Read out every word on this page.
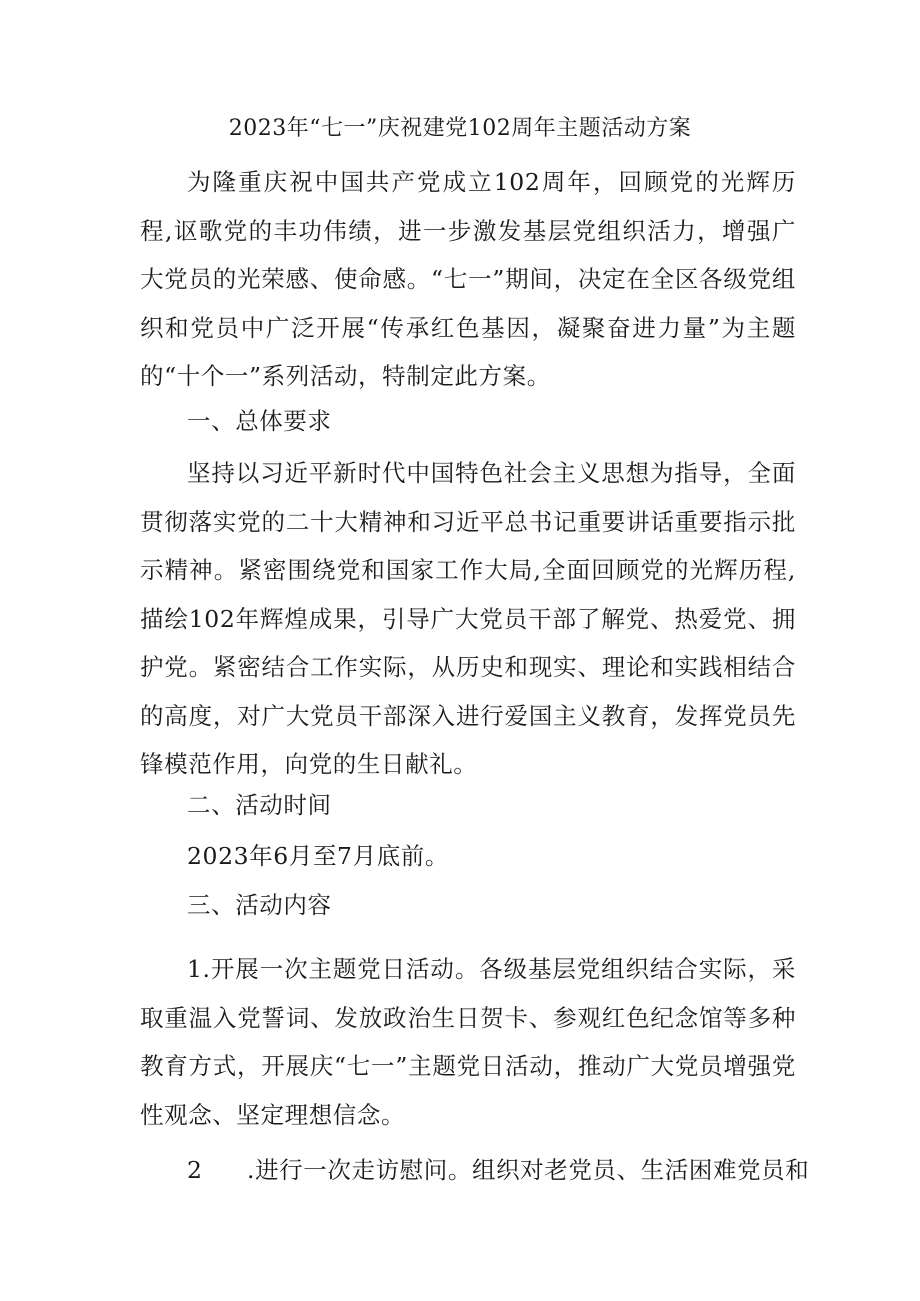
2023年“七一”庆祝建党102周年主题活动方案

为隆重庆祝中国共产党成立102周年，回顾党的光辉历程,讴歌党的丰功伟绩，进一步激发基层党组织活力，增强广大党员的光荣感、使命感。“七一”期间，决定在全区各级党组织和党员中广泛开展“传承红色基因，凝聚奋进力量”为主题的“十个一”系列活动，特制定此方案。

一、总体要求

坚持以习近平新时代中国特色社会主义思想为指导，全面贯彻落实党的二十大精神和习近平总书记重要讲话重要指示批示精神。紧密围绕党和国家工作大局,全面回顾党的光辉历程,描绘102年辉煌成果，引导广大党员干部了解党、热爱党、拥护党。紧密结合工作实际，从历史和现实、理论和实践相结合的高度，对广大党员干部深入进行爱国主义教育，发挥党员先锋模范作用，向党的生日献礼。

二、活动时间
2023年6月至7月底前。
三、活动内容

1.开展一次主题党日活动。各级基层党组织结合实际，采取重温入党誓词、发放政治生日贺卡、参观红色纪念馆等多种教育方式，开展庆“七一”主题党日活动，推动广大党员增强党性观念、坚定理想信念。

2 .进行一次走访慰问。组织对老党员、生活困难党员和
